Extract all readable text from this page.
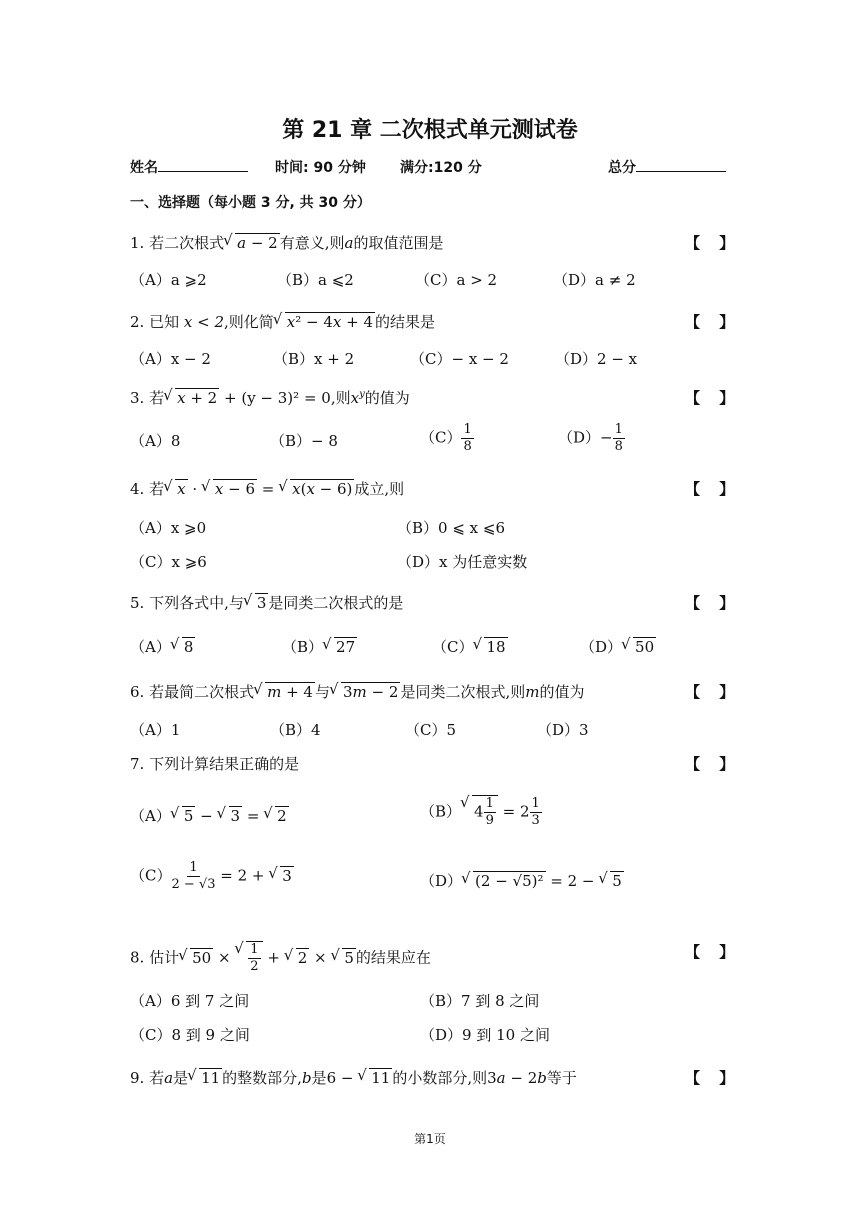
第 21 章 二次根式单元测试卷
姓名	时间: 90 分钟 满分:120 分	总分
一、选择题（每小题 3 分, 共 30 分）
1. 若二次根式 √ a − 2 有意义,则a的取值范围是	【 】
（A）a ⩾2	（B）a ⩽2	（C）a > 2	（D）a ≠ 2
2. 已知 x < 2,则化简 √ x² − 4x + 4 的结果是	【 】
（A）x − 2	（B）x + 2	（C）− x − 2	（D）2 − x
3. 若 √ x + 2 + (y − 3)² = 0,则$x^y$的值为	【 】
（A）8	（B）− 8	$(C) \frac{1}{8}$	$(D)- \frac{1}{8}$
4. 若 √ x · √ x − 6 = √ x(x − 6) 成立,则	【 】
（A）x ⩾0	（B）0 ⩽ x ⩽6
（C）x ⩾6	（D）x 为任意实数
5. 下列各式中,与 √ 3 是同类二次根式的是	【 】
（A） √ 8	（B） √ 27	（C） √ 18	（D） √ 50
6. 若最简二次根式 √ m + 4 与 √ 3m − 2 是同类二次根式,则m的值为	【 】
（A）1	（B）4	（C）5	（D）3
7. 下列计算结果正确的是	【 】
（A） √ 5 − √ 3 = √ 2	（B） √ $4 \frac{1}{9} = 2 \frac{1}{3}$
$(C) \frac{1}{2 - √3} = 2$ + √ 3	（D） √ (2 − √5)² = 2 − √ 5
8. 估计 √ 50 × √ $\frac{1}{2}$ + √ 2 × √ 5 的结果应在	【 】
（A）6 到 7 之间	（B）7 到 8 之间
（C）8 到 9 之间	（D）9 到 10 之间
9. 若a是 √ 11 的整数部分,b是6 − √ 11 的小数部分,则3a − 2b等于	【 】
第1页
